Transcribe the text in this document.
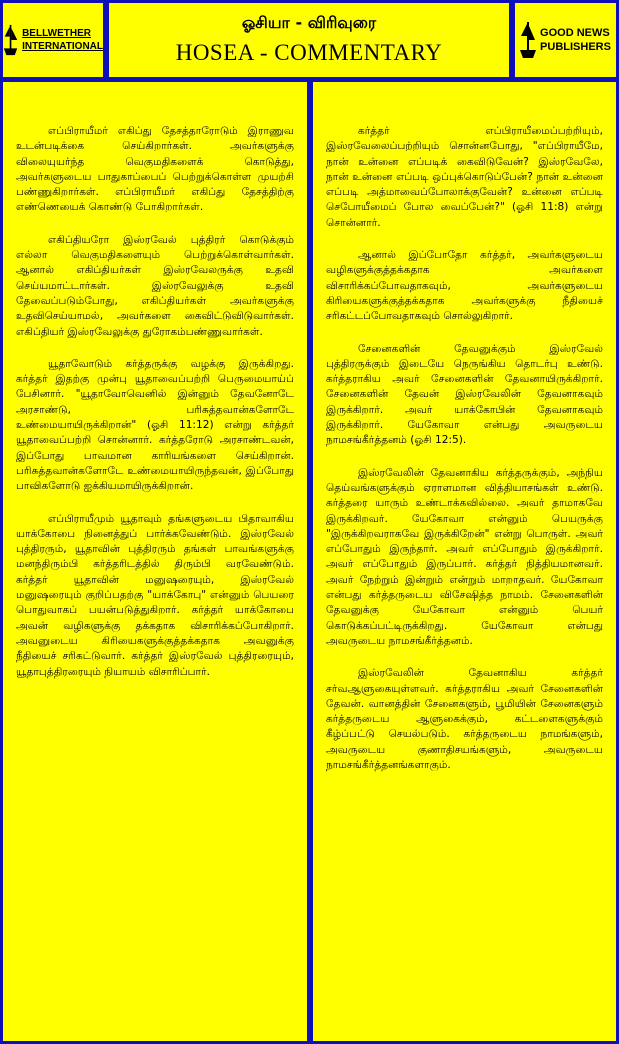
BELLWETHER
INTERNATIONAL
ஓசியா - விரிவுரை
HOSEA - COMMENTARY
GOOD NEWS
PUBLISHERS

எப்பிராயீமர் எகிப்து தேசத்தாரோடும் இராணுவ உடன்படிக்கை செய்கிறார்கள். அவர்களுக்கு விலையுயர்ந்த வெகுமதிகளைக் கொடுத்து, அவர்களுடைய பாதுகாப்பைப் பெற்றுக்கொள்ள முயற்சி பண்ணுகிறார்கள். எப்பிராயீமர் எகிப்து தேசத்திற்கு எண்ணெயைக் கொண்டு போகிறார்கள்.

எகிப்தியரோ இஸ்ரவேல் புத்திரர் கொடுக்கும் எல்லா வெகுமதிகளையும் பெற்றுக்கொள்வார்கள். ஆனால் எகிப்தியர்கள் இஸ்ரவேலருக்கு உதவி செய்யமாட்டார்கள். இஸ்ரவேலுக்கு உதவி தேவைப்படும்போது, எகிப்தியர்கள் அவர்களுக்கு உதவிசெய்யாமல், அவர்களை கைவிட்டுவிடுவார்கள். எகிப்தியர் இஸ்ரவேலுக்கு துரோகம்பண்ணுவார்கள்.

யூதாவோடும் கர்த்தருக்கு வழக்கு இருக்கிறது. கர்த்தர் இதற்கு முன்பு யூதாவைப்பற்றி பெருமையாய்ப் பேசினார். "யூதாவோவெனில் இன்னும் தேவனோடே அரசாண்டு, பரிசுத்தவான்களோடே உண்மையாயிருக்கிறான்" (ஓசி 11:12) என்று கர்த்தர் யூதாவைப்பற்றி சொன்னார். கர்த்தரோடு அரசாண்டவன், இப்போது பாவமான காரியங்களை செய்கிறான். பரிசுத்தவான்களோடே உண்மையாயிருந்தவன், இப்போது பாவிகளோடு ஐக்கியமாயிருக்கிறான்.

எப்பிராயீமும் யூதாவும் தங்களுடைய பிதாவாகிய யாக்கோபை நினைத்துப் பார்க்கவேண்டும். இஸ்ரவேல் புத்திரரும், யூதாவின் புத்திரரும் தங்கள் பாவங்களுக்கு மனந்திரும்பி கர்த்தரிடத்தில் திரும்பி வரவேண்டும். கர்த்தர் யூதாவின் மனுஷரையும், இஸ்ரவேல் மனுஷரையும் குறிப்பதற்கு "யாக்கோபு" என்னும் பெயரை பொதுவாகப் பயன்படுத்துகிறார். கர்த்தர் யாக்கோபை அவன் வழிகளுக்கு தக்கதாக விசாரிக்கப்போகிறார். அவனுடைய கிரியைகளுக்குத்தக்கதாக அவனுக்கு நீதியைச் சரிகட்டுவார். கர்த்தர் இஸ்ரவேல் புத்திரரையும், யூதாபுத்திரரையும் நியாயம் விசாரிப்பார்.

கர்த்தர் எப்பிராயீமைப்பற்றியும், இஸ்ரவேலைப்பற்றியும் சொன்னபோது, "எப்பிராயீமே, நான் உன்னை எப்படிக் கைவிடுவேன்? இஸ்ரவேலே, நான் உன்னை எப்படி ஒப்புக்கொடுப்பேன்? நான் உன்னை எப்படி அத்மாவைப்போலாக்குவேன்? உன்னை எப்படி செபோயீமைப் போல வைப்பேன்?" (ஓசி 11:8) என்று சொன்னார்.

ஆனால் இப்போதோ கர்த்தர், அவர்களுடைய வழிகளுக்குத்தக்கதாக அவர்களை விசாரிக்கப்போவதாகவும், அவர்களுடைய கிரியைகளுக்குத்தக்கதாக அவர்களுக்கு நீதியைச் சரிகட்டப்போவதாகவும் சொல்லுகிறார்.

சேனைகளின் தேவனுக்கும் இஸ்ரவேல் புத்திரருக்கும் இடையே நெருங்கிய தொடர்பு உண்டு. கர்த்தராகிய அவர் சேனைகளின் தேவனாயிருக்கிறார். சேனைகளின் தேவன் இஸ்ரவேலின் தேவனாகவும் இருக்கிறார். அவர் யாக்கோபின் தேவனாகவும் இருக்கிறார். யேகோவா என்பது அவருடைய நாமசங்கீர்த்தனம் (ஓசி 12:5).

இஸ்ரவேலின் தேவனாகிய கர்த்தருக்கும், அந்நிய தெய்வங்களுக்கும் ஏராளமான வித்தியாசங்கள் உண்டு. கர்த்தரை யாரும் உண்டாக்கவில்லை. அவர் தாமாகவே இருக்கிறவர். யேகோவா என்னும் பெயருக்கு "இருக்கிறவராகவே இருக்கிறேன்" என்று பொருள். அவர் எப்போதும் இருந்தார். அவர் எப்போதும் இருக்கிறார். அவர் எப்போதும் இருப்பார். கர்த்தர் நித்தியமானவர். அவர் நேற்றும் இன்றும் என்றும் மாறாதவர். யேகோவா என்பது கர்த்தருடைய விசேஷித்த நாமம். சேனைகளின் தேவனுக்கு யேகோவா என்னும் பெயர் கொடுக்கப்பட்டிருக்கிறது. யேகோவா என்பது அவருடைய நாமசங்கீர்த்தனம்.

இஸ்ரவேலின் தேவனாகிய கர்த்தர் சர்வஆளுகையுள்ளவர். கர்த்தராகிய அவர் சேனைகளின் தேவன். வானத்தின் சேனைகளும், பூமியின் சேனைகளும் கர்த்தருடைய ஆளுகைக்கும், கட்டளைகளுக்கும் கீழ்ப்பட்டு செயல்படும். கர்த்தருடைய நாமங்களும், அவருடைய குணாதிசயங்களும், அவருடைய நாமசங்கீர்த்தனங்களாகும்.
